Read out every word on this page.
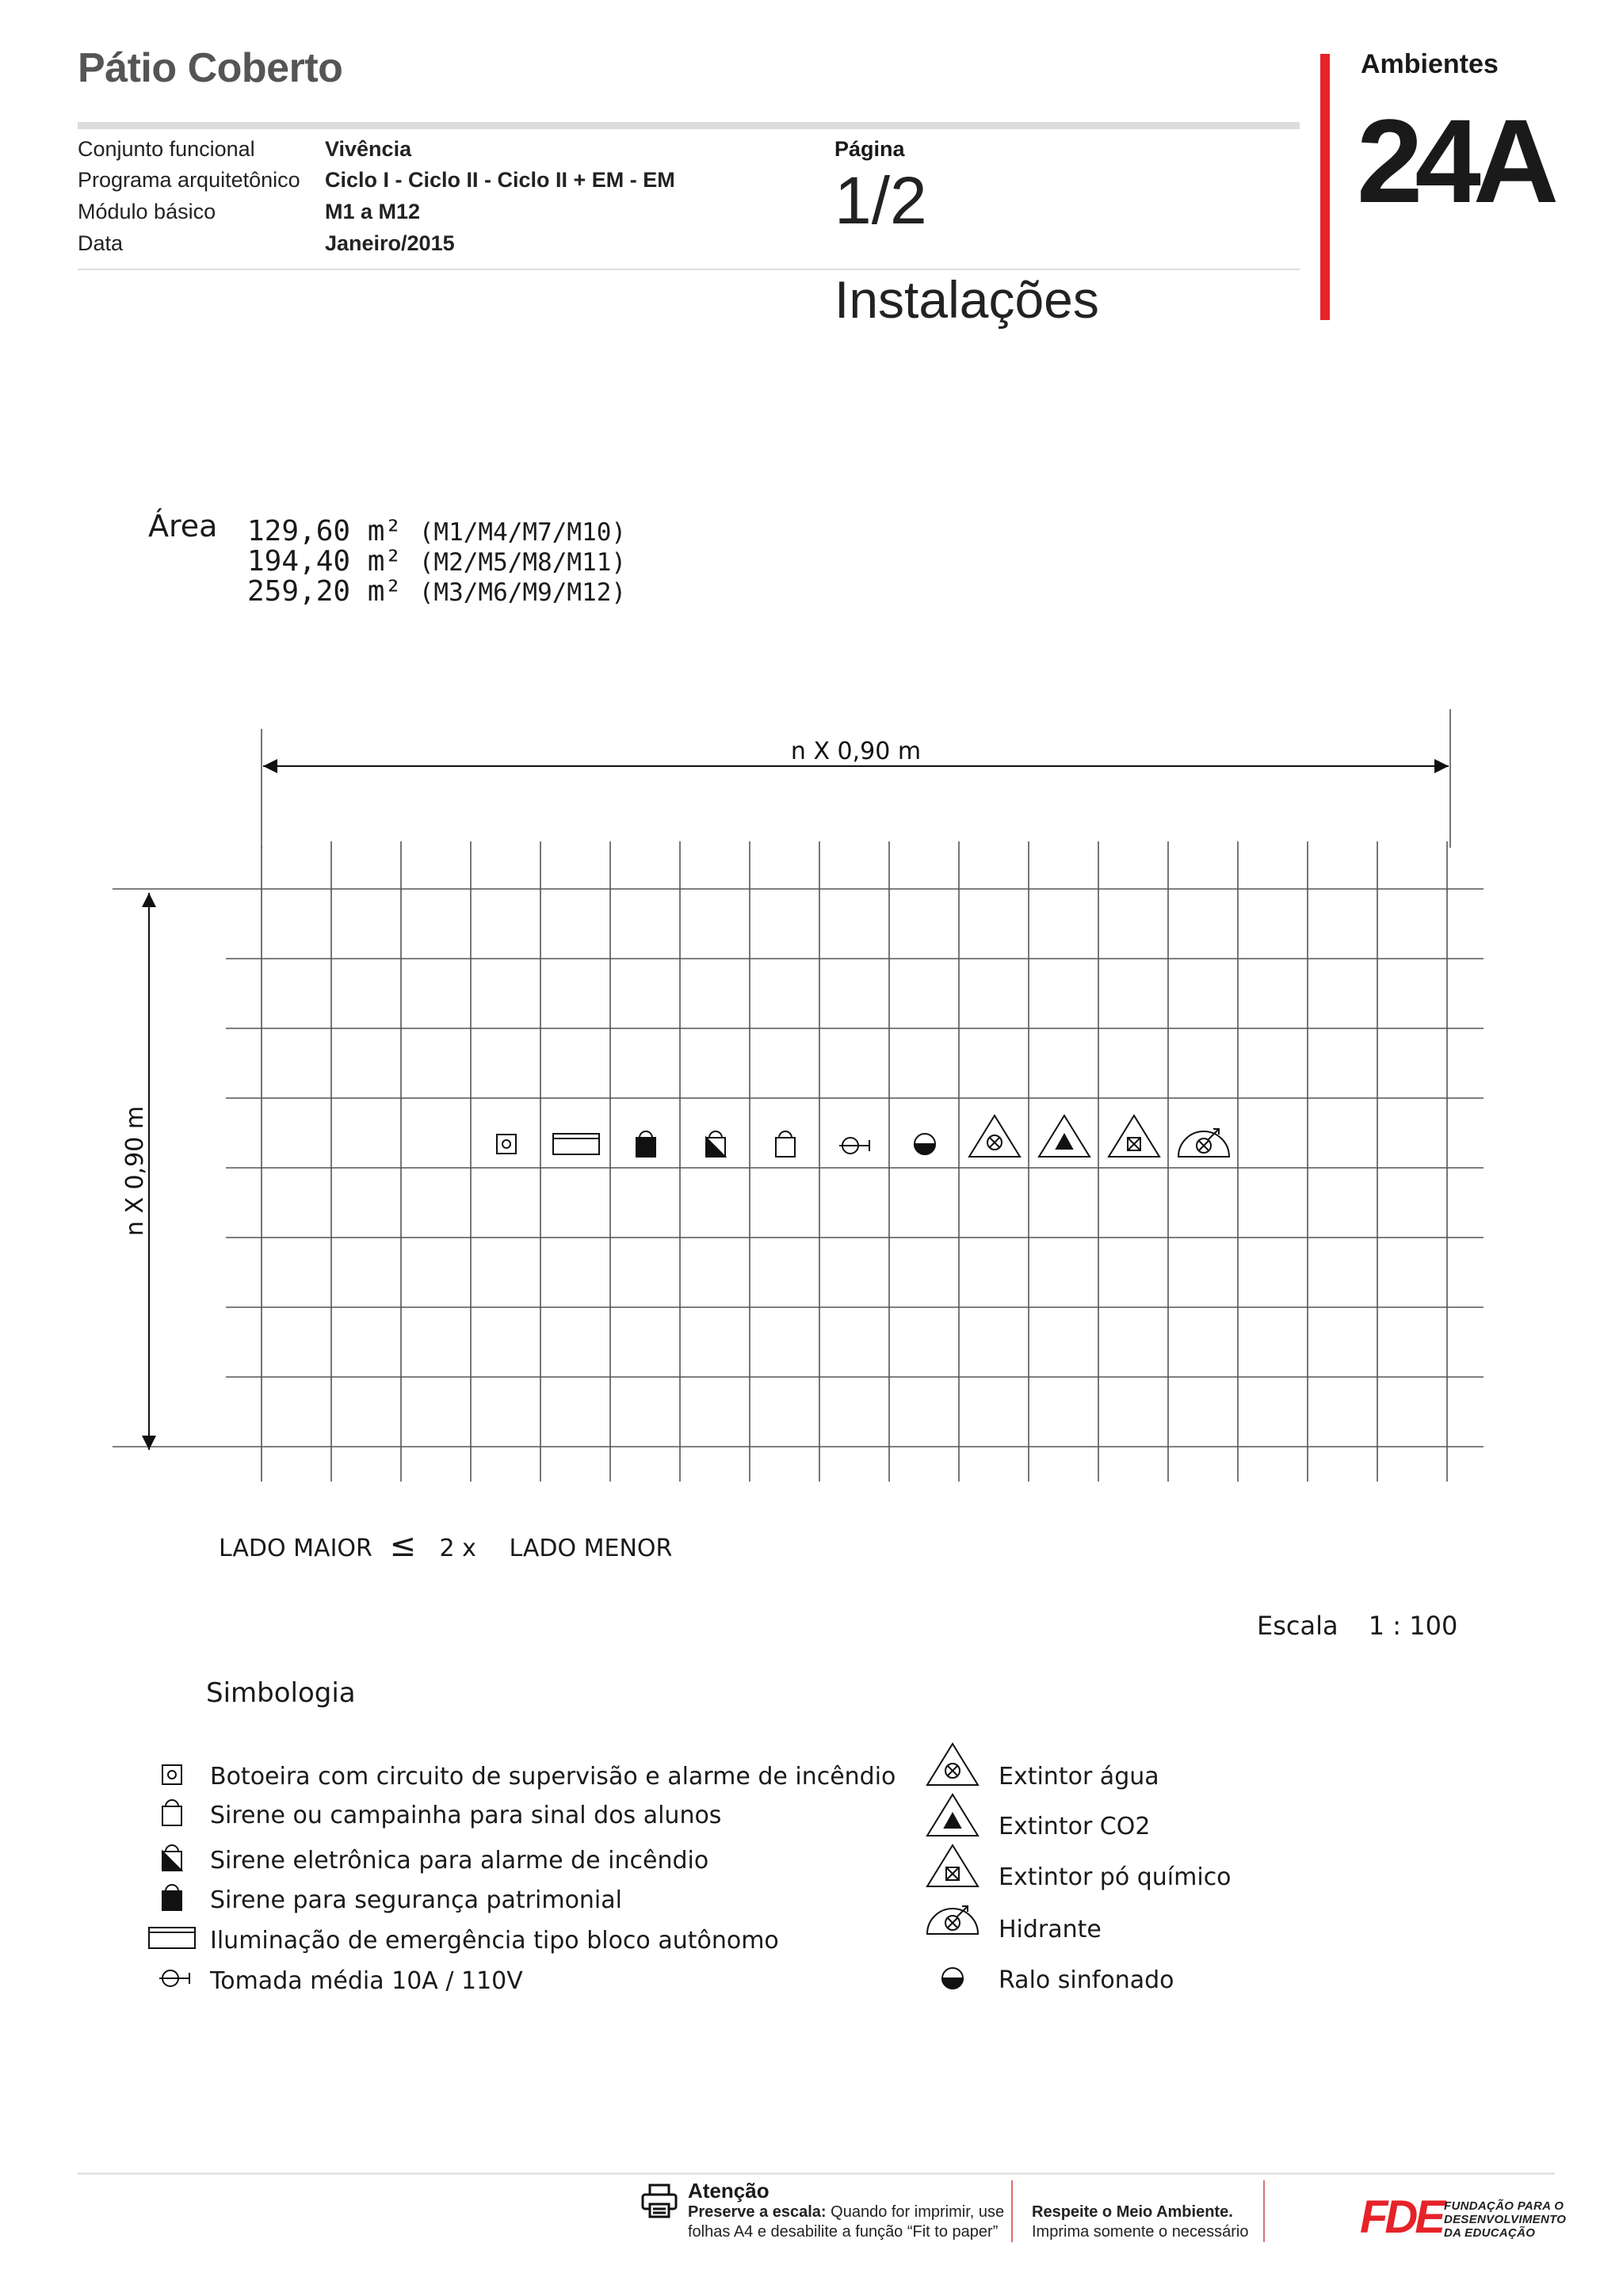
Pátio Coberto
Conjunto funcional	Vivência
Programa arquitetônico Ciclo I - Ciclo II - Ciclo II + EM - EM
Módulo básico	M1 a M12
Data	Janeiro/2015
Página
1/2
Instalações
Ambientes
24A
Área 129,60 m² (M1/M4/M7/M10)
194,40 m² (M2/M5/M8/M11)
259,20 m² (M3/M6/M9/M12)
n X 0,90 m
n X 0,90 m
LADO MAIOR ≤ 2 x LADO MENOR
Escala 1 : 100
Simbologia
Botoeira com circuito de supervisão e alarme de incêndio
Sirene ou campainha para sinal dos alunos
Sirene eletrônica para alarme de incêndio
Sirene para segurança patrimonial
Iluminação de emergência tipo bloco autônomo
Tomada média 10A / 110V
Extintor água
Extintor CO2
Extintor pó químico
Hidrante
Ralo sinfonado
Atenção
Preserve a escala: Quando for imprimir, use
folhas A4 e desabilite a função “Fit to paper”
Respeite o Meio Ambiente.
Imprima somente o necessário FDE FUNDAÇÃO PARA O
DESENVOLVIMENTO
DA EDUCAÇÃO
